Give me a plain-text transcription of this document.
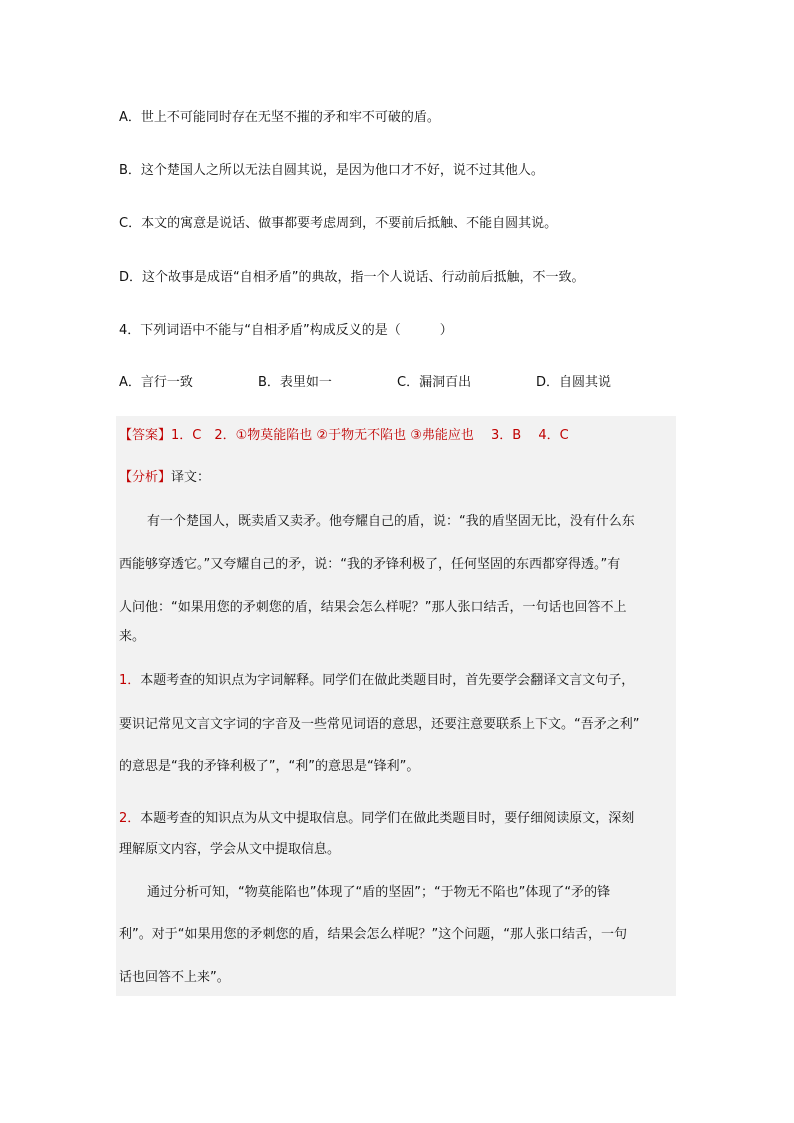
A．世上不可能同时存在无坚不摧的矛和牢不可破的盾。
B．这个楚国人之所以无法自圆其说，是因为他口才不好，说不过其他人。
C．本文的寓意是说话、做事都要考虑周到，不要前后抵触、不能自圆其说。
D．这个故事是成语“自相矛盾”的典故，指一个人说话、行动前后抵触，不一致。
4．下列词语中不能与“自相矛盾”构成反义的是（　　　）
A．言行一致	B．表里如一	C．漏洞百出	D．自圆其说
【答案】1．C　2．①物莫能陷也 ②于物无不陷也 ③弗能应也　 3．B　 4．C
【分析】译文：
有一个楚国人，既卖盾又卖矛。他夸耀自己的盾，说：“我的盾坚固无比，没有什么东
西能够穿透它。”又夸耀自己的矛，说：“我的矛锋利极了，任何坚固的东西都穿得透。”有
人问他：“如果用您的矛刺您的盾，结果会怎么样呢？”那人张口结舌，一句话也回答不上
来。
1．本题考查的知识点为字词解释。同学们在做此类题目时，首先要学会翻译文言文句子，
要识记常见文言文字词的字音及一些常见词语的意思，还要注意要联系上下文。“吾矛之利”
的意思是“我的矛锋利极了”，“利”的意思是“锋利”。
2．本题考查的知识点为从文中提取信息。同学们在做此类题目时，要仔细阅读原文，深刻
理解原文内容，学会从文中提取信息。
通过分析可知，“物莫能陷也”体现了“盾的坚固”；“于物无不陷也”体现了“矛的锋
利”。对于“如果用您的矛刺您的盾，结果会怎么样呢？”这个问题，“那人张口结舌，一句
话也回答不上来”。
